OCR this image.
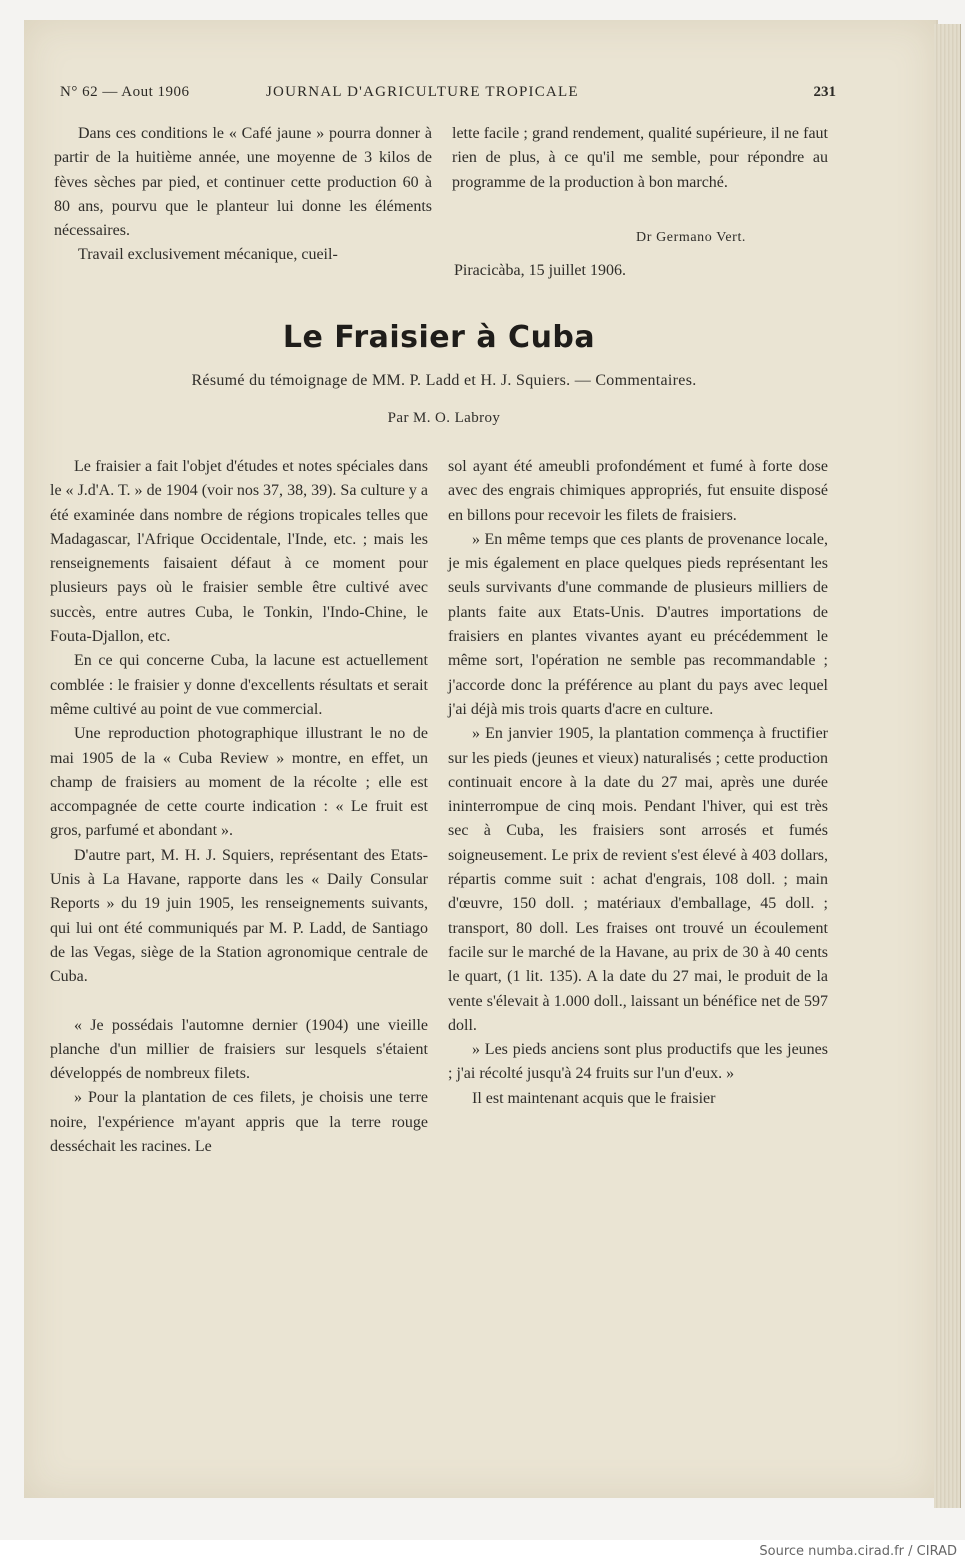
N° 62 — Aout 1906	JOURNAL D'AGRICULTURE TROPICALE	231

Dans ces conditions le « Café jaune » pourra donner à partir de la huitième année, une moyenne de 3 kilos de fèves sèches par pied, et continuer cette production 60 à 80 ans, pourvu que le planteur lui donne les éléments nécessaires.

Travail exclusivement mécanique, cueil-

lette facile ; grand rendement, qualité supérieure, il ne faut rien de plus, à ce qu'il me semble, pour répondre au programme de la production à bon marché.

Dr Germano Vert.
Piracicàba, 15 juillet 1906.
Le Fraisier à Cuba
Résumé du témoignage de MM. P. Ladd et H. J. Squiers. — Commentaires.
Par M. O. Labroy

Le fraisier a fait l'objet d'études et notes spéciales dans le « J.d'A. T. » de 1904 (voir nos 37, 38, 39). Sa culture y a été examinée dans nombre de régions tropicales telles que Madagascar, l'Afrique Occidentale, l'Inde, etc. ; mais les renseignements faisaient défaut à ce moment pour plusieurs pays où le fraisier semble être cultivé avec succès, entre autres Cuba, le Tonkin, l'Indo-Chine, le Fouta-Djallon, etc.

En ce qui concerne Cuba, la lacune est actuellement comblée : le fraisier y donne d'excellents résultats et serait même cultivé au point de vue commercial.

Une reproduction photographique illustrant le no de mai 1905 de la « Cuba Review » montre, en effet, un champ de fraisiers au moment de la récolte ; elle est accompagnée de cette courte indication : « Le fruit est gros, parfumé et abondant ».

D'autre part, M. H. J. Squiers, représentant des Etats-Unis à La Havane, rapporte dans les « Daily Consular Reports » du 19 juin 1905, les renseignements suivants, qui lui ont été communiqués par M. P. Ladd, de Santiago de las Vegas, siège de la Station agronomique centrale de Cuba.

« Je possédais l'automne dernier (1904) une vieille planche d'un millier de fraisiers sur lesquels s'étaient développés de nombreux filets.

» Pour la plantation de ces filets, je choisis une terre noire, l'expérience m'ayant appris que la terre rouge desséchait les racines. Le

sol ayant été ameubli profondément et fumé à forte dose avec des engrais chimiques appropriés, fut ensuite disposé en billons pour recevoir les filets de fraisiers.

» En même temps que ces plants de provenance locale, je mis également en place quelques pieds représentant les seuls survivants d'une commande de plusieurs milliers de plants faite aux Etats-Unis. D'autres importations de fraisiers en plantes vivantes ayant eu précédemment le même sort, l'opération ne semble pas recommandable ; j'accorde donc la préférence au plant du pays avec lequel j'ai déjà mis trois quarts d'acre en culture.

» En janvier 1905, la plantation commença à fructifier sur les pieds (jeunes et vieux) naturalisés ; cette production continuait encore à la date du 27 mai, après une durée ininterrompue de cinq mois. Pendant l'hiver, qui est très sec à Cuba, les fraisiers sont arrosés et fumés soigneusement. Le prix de revient s'est élevé à 403 dollars, répartis comme suit : achat d'engrais, 108 doll. ; main d'œuvre, 150 doll. ; matériaux d'emballage, 45 doll. ; transport, 80 doll. Les fraises ont trouvé un écoulement facile sur le marché de la Havane, au prix de 30 à 40 cents le quart, (1 lit. 135). A la date du 27 mai, le produit de la vente s'élevait à 1.000 doll., laissant un bénéfice net de 597 doll.

» Les pieds anciens sont plus productifs que les jeunes ; j'ai récolté jusqu'à 24 fruits sur l'un d'eux. »

Il est maintenant acquis que le fraisier

Source numba.cirad.fr / CIRAD
